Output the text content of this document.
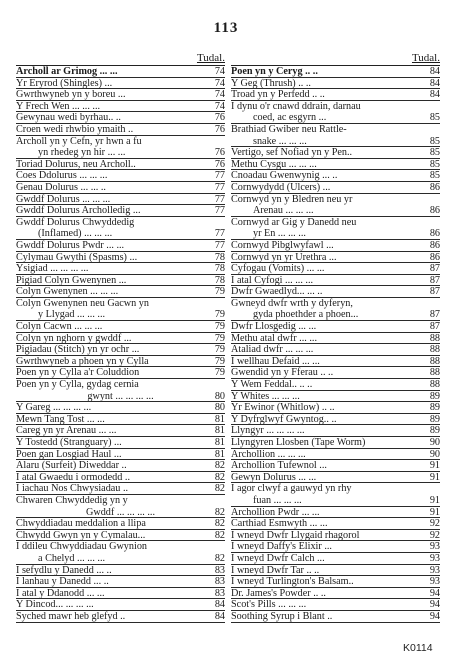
113
Tudal.
Archoll ar Grimog ... ...	74
Yr Eryrod (Shingles) ...	74
Gwrthwyneb yn y boreu ...	74
Y Frech Wen ... ... ...	74
Gewynau wedi byrhau.. ..	76
Croen wedi rhwbio ymaith ..	76
Archoll yn y Cefn, yr hwn a fu
yn rhedeg yn hir ... ...	76
Toriad Dolurus, neu Archoll..	76
Coes Ddolurus ... ... ...	77
Genau Dolurus ... ... ..	77
Gwddf Dolurus ... ... ...	77
Gwddf Dolurus Archolledig ...	77
Gwddf Dolurus Chwyddedig
(Inflamed) ... ... ...	77
Gwddf Dolurus Pwdr ... ...	77
Cylymau Gwythi (Spasms) ...	78
Ysigiad ... ... ... ...	78
Pigiad Colyn Gwenynen ...	78
Colyn Gwenynen ... ... ...	79
Colyn Gwenynen neu Gacwn yn
y Llygad ... ... ...	79
Colyn Cacwn ... ... ...	79
Colyn yn nghorn y gwddf ...	79
Pigiadau (Stitch) yn yr ochr ...	79
Gwrthwyneb a phoen yn y Cylla	79
Poen yn y Cylla a'r Coluddion	79
Poen yn y Cylla, gydag cernia
gwynt ... ... ... ...	80
Y Gareg ... ... ... ...	80
Mewn Tang Tost ... ...	81
Careg yn yr Arenau ... ...	81
Y Tostedd (Stranguary) ...	81
Poen gan Losgiad Haul ...	81
Alaru (Surfeit) Diweddar ..	82
I atal Gwaedu i ormodedd ..	82
I iachau Nos Chwysiadau ..	82
Chwaren Chwyddedig yn y
Gwddf ... ... ... ...	82
Chwyddiadau meddalion a llipa	82
Chwydd Gwyn yn y Cymalau...	82
I ddileu Chwyddiadau Gwynion
a Chelyd ... ... ...	82
I sefydlu y Danedd ... ..	83
I lanhau y Danedd ... ..	83
I atal y Ddanodd ... ...	83
Y Dincod... ... ... ...	84
Syched mawr heb glefyd ..	84
Tudal.
Poen yn y Ceryg .. ..	84
Y Geg (Thrush) .. ..	84
Troad yn y Perfedd .. ..	84
I dynu o'r cnawd ddrain, darnau
coed, ac esgyrn ...	85
Brathiad Gwiber neu Rattle-
snake ... ... ...	85
Vertigo, sef Nofiad yn y Pen..	85
Methu Cysgu ... ... ...	85
Cnoadau Gwenwynig ... ..	85
Cornwydydd (Ulcers) ...	86
Cornwyd yn y Bledren neu yr
Arenau ... ... ...	86
Cornwyd ar Gig y Danedd neu
yr En ... ... ...	86
Cornwyd Pibglwyfawl ...	86
Cornwyd yn yr Urethra ...	86
Cyfogau (Vomits) ... ...	87
I atal Cyfogi ... ... ...	87
Dwfr Gwaedlyd... ... ..	87
Gwneyd dwfr wrth y dyferyn,
gyda phoethder a phoen...	87
Dwfr Llosgedig ... ...	87
Methu atal dwfr ... ...	88
Ataliad dwfr ... ... ...	88
I wellhau Defaid ... ...	88
Gwendid yn y Fferau .. ..	88
Y Wem Feddal.. .. ..	88
Y Whites ... ... ...	89
Yr Ewinor (Whitlow) .. ..	89
Y Dyfrglwyf Gwyntog.. ..	89
Llyngyr ... ... ... ...	89
Llyngyren Llosben (Tape Worm)	90
Archollion ... ... ...	90
Archollion Tufewnol ...	91
Gewyn Dolurus ... ...	91
I agor clwyf a gauwyd yn rhy
fuan ... ... ...	91
Archollion Pwdr ... ...	91
Carthiad Esmwyth ... ...	92
I wneyd Dwfr Llygaid rhagorol	92
I wneyd Daffy's Elixir ...	93
I wneyd Dwfr Calch ...	93
I wneyd Dwfr Tar .. ..	93
I wneyd Turlington's Balsam..	93
Dr. James's Powder .. ..	94
Scot's Pills ... ... ...	94
Soothing Syrup i Blant ..	94
K0114
